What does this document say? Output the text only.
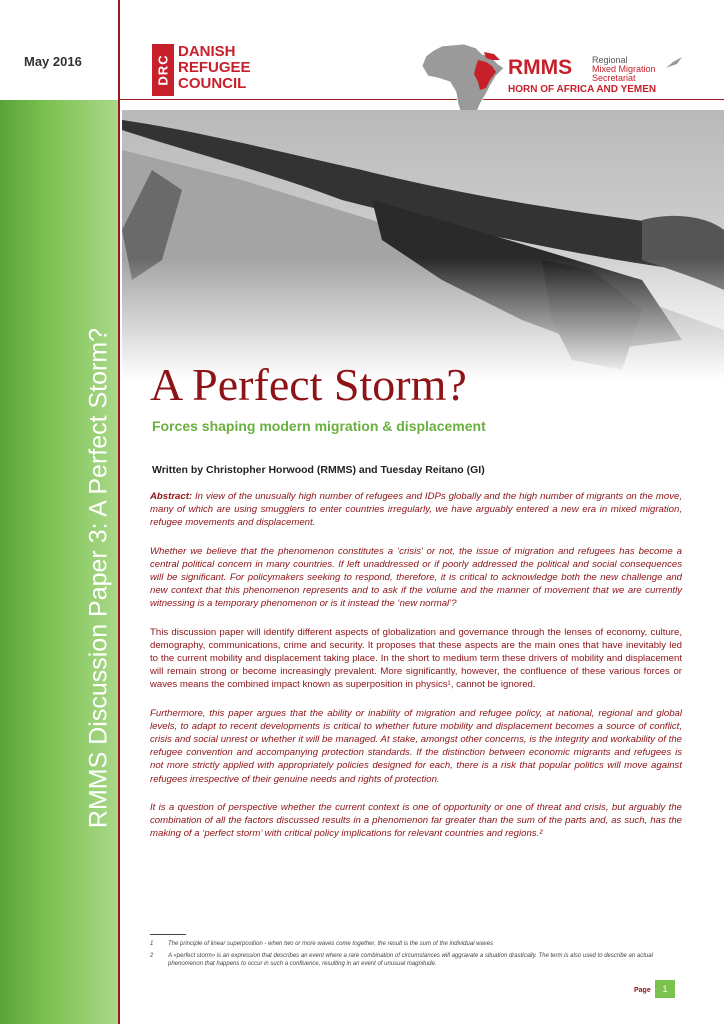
May 2016
RMMS Discussion Paper 3: A Perfect Storm?
DRC
DANISH
REFUGEE
COUNCIL
RMMS Regional
Mixed Migration
Secretariat
HORN OF AFRICA AND YEMEN
A Perfect Storm?
Forces shaping modern migration & displacement
Written by Christopher Horwood (RMMS) and Tuesday Reitano (GI)

Abstract: In view of the unusually high number of refugees and IDPs globally and the high number of migrants on the move, many of which are using smugglers to enter countries irregularly, we have arguably entered a new era in mixed migration, refugee movements and displacement.

Whether we believe that the phenomenon constitutes a ‘crisis’ or not, the issue of migration and refugees has become a central political concern in many countries. If left unaddressed or if poorly addressed the political and social consequences will be significant. For policymakers seeking to respond, therefore, it is critical to acknowledge both the new challenge and new context that this phenomenon represents and to ask if the volume and the manner of movement that we are currently witnessing is a temporary phenomenon or is it instead the ‘new normal’?

This discussion paper will identify different aspects of globalization and governance through the lenses of economy, culture, demography, communications, crime and security. It proposes that these aspects are the main ones that have inevitably led to the current mobility and displacement taking place. In the short to medium term these drivers of mobility and displacement will remain strong or become increasingly prevalent. More significantly, however, the confluence of these various forces or waves means the combined impact known as superposition in physics¹, cannot be ignored.

Furthermore, this paper argues that the ability or inability of migration and refugee policy, at national, regional and global levels, to adapt to recent developments is critical to whether future mobility and displacement becomes a source of conflict, crisis and social unrest or whether it will be managed. At stake, amongst other concerns, is the integrity and workability of the refugee convention and accompanying protection standards. If the distinction between economic migrants and refugees is not more strictly applied with appropriately policies designed for each, there is a risk that popular politics will move against refugees irrespective of their genuine needs and rights of protection.

It is a question of perspective whether the current context is one of opportunity or one of threat and crisis, but arguably the combination of all the factors discussed results in a phenomenon far greater than the sum of the parts and, as such, has the making of a ‘perfect storm’ with critical policy implications for relevant countries and regions.²

1	The principle of linear superposition - when two or more waves come together, the result is the sum of the individual waves
2	A «perfect storm» is an expression that describes an event where a rare combination of circumstances will aggravate a situation drastically. The term is also used to describe an actual phenomenon that happens to occur in such a confluence, resulting in an event of unusual magnitude.
Page	1
